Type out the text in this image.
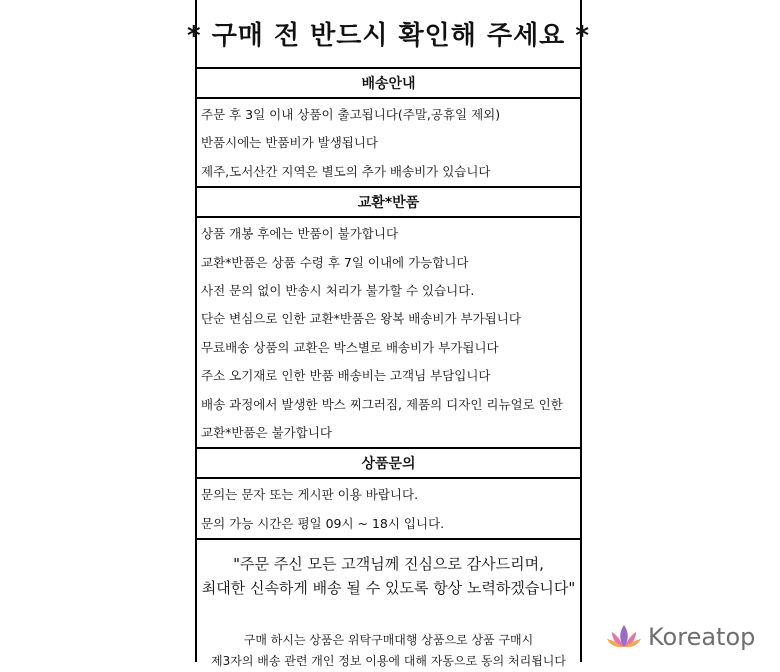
* 구매 전 반드시 확인해 주세요 *
배송안내
주문 후 3일 이내 상품이 출고됩니다(주말,공휴일 제외)
반품시에는 반품비가 발생됩니다
제주,도서산간 지역은 별도의 추가 배송비가 있습니다
교환*반품
상품 개봉 후에는 반품이 불가합니다
교환*반품은 상품 수령 후 7일 이내에 가능합니다
사전 문의 없이 반송시 처리가 불가할 수 있습니다.
단순 변심으로 인한 교환*반품은 왕복 배송비가 부가됩니다
무료배송 상품의 교환은 박스별로 배송비가 부가됩니다
주소 오기재로 인한 반품 배송비는 고객님 부담입니다
배송 과정에서 발생한 박스 찌그러짐, 제품의 디자인 리뉴얼로 인한
교환*반품은 불가합니다
상품문의
문의는 문자 또는 게시판 이용 바랍니다.
문의 가능 시간은 평일 09시 ~ 18시 입니다.
"주문 주신 모든 고객님께 진심으로 감사드리며,
최대한 신속하게 배송 될 수 있도록 항상 노력하겠습니다"
구매 하시는 상품은 위탁구매대행 상품으로 상품 구매시
제3자의 배송 관련 개인 정보 이용에 대해 자동으로 동의 처리됩니다
Koreatop
